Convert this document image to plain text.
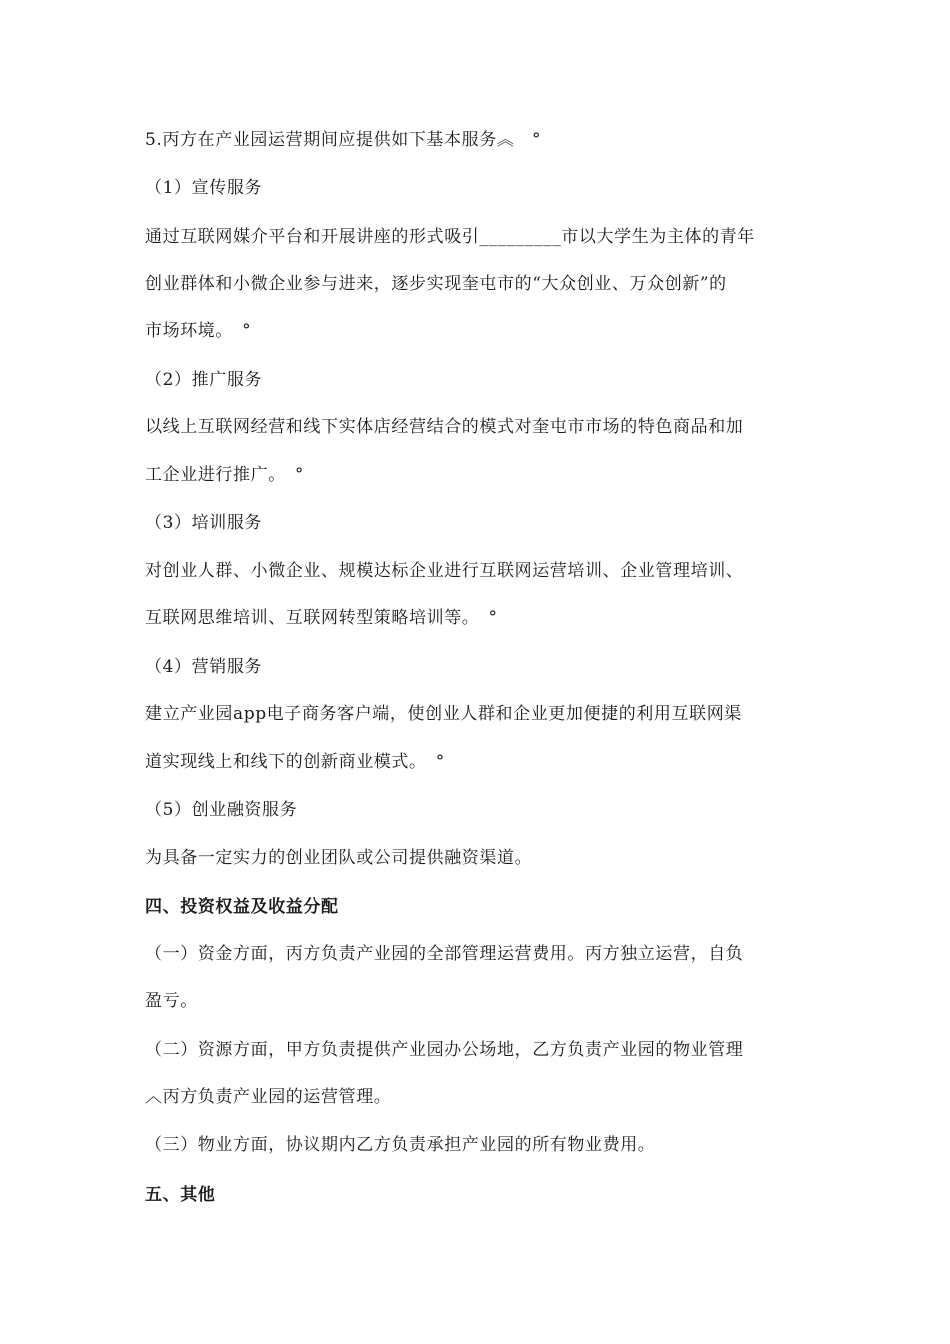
5.丙方在产业园运营期间应提供如下基本服务︽　°
（1）宣传服务
通过互联网媒介平台和开展讲座的形式吸引_________市以大学生为主体的青年
创业群体和小微企业参与进来，逐步实现奎屯市的“大众创业、万众创新”的
市场环境。　°
（2）推广服务
以线上互联网经营和线下实体店经营结合的模式对奎屯市市场的特色商品和加
工企业进行推广。　°
（3）培训服务
对创业人群、小微企业、规模达标企业进行互联网运营培训、企业管理培训、
互联网思维培训、互联网转型策略培训等。　°
（4）营销服务
建立产业园app电子商务客户端，使创业人群和企业更加便捷的利用互联网渠
道实现线上和线下的创新商业模式。　°
（5）创业融资服务
为具备一定实力的创业团队或公司提供融资渠道。
四、投资权益及收益分配
（一）资金方面，丙方负责产业园的全部管理运营费用。丙方独立运营，自负
盈亏。
（二）资源方面，甲方负责提供产业园办公场地，乙方负责产业园的物业管理
︿丙方负责产业园的运营管理。
（三）物业方面，协议期内乙方负责承担产业园的所有物业费用。
五、其他
